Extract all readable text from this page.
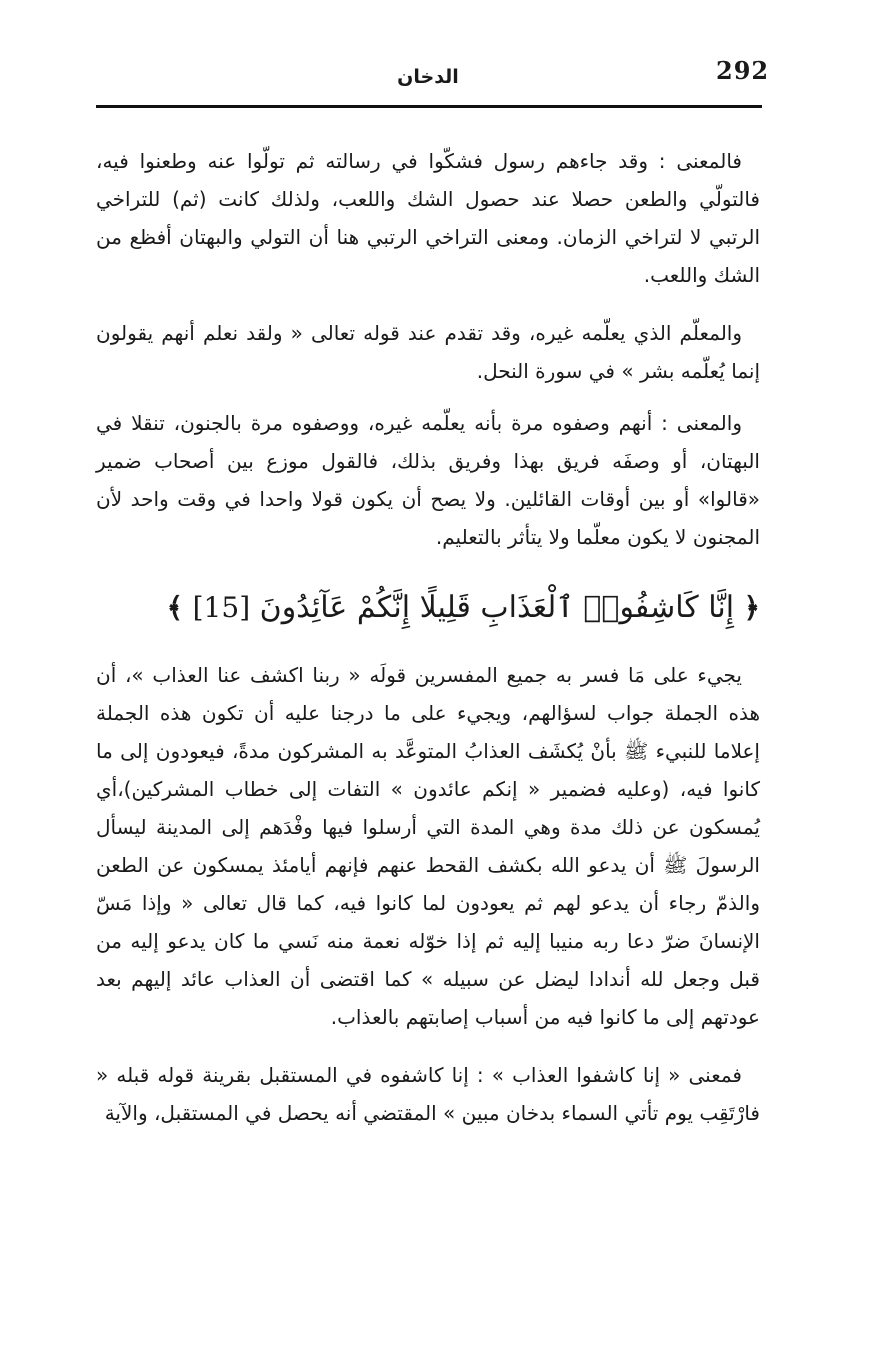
292
الدخان

فالمعنى : وقد جاءهم رسول فشكّوا في رسالته ثم تولّوا عنه وطعنوا فيه، فالتولّي والطعن حصلا عند حصول الشك واللعب، ولذلك كانت (ثم) للتراخي الرتبي لا لتراخي الزمان. ومعنى التراخي الرتبي هنا أن التولي والبهتان أفظع من الشك واللعب.

والمعلّم الذي يعلّمه غيره، وقد تقدم عند قوله تعالى « ولقد نعلم أنهم يقولون إنما يُعلّمه بشر » في سورة النحل.

والمعنى : أنهم وصفوه مرة بأنه يعلّمه غيره، ووصفوه مرة بالجنون، تنقلا في البهتان، أو وصفَه فريق بهذا وفريق بذلك، فالقول موزع بين أصحاب ضمير «قالوا» أو بين أوقات القائلين. ولا يصح أن يكون قولا واحدا في وقت واحد لأن المجنون لا يكون معلّما ولا يتأثر بالتعليم.

﴿ إِنَّا كَاشِفُوا۟ ٱلْعَذَابِ قَلِيلًا إِنَّكُمْ عَآئِدُونَ [15] ﴾

يجيء على مَا فسر به جميع المفسرين قولَه « ربنا اكشف عنا العذاب »، أن هذه الجملة جواب لسؤالهم، ويجيء على ما درجنا عليه أن تكون هذه الجملة إعلاما للنبيء ﷺ بأنْ يُكشَف العذابُ المتوعَّد به المشركون مدةً، فيعودون إلى ما كانوا فيه، (وعليه فضمير « إنكم عائدون » التفات إلى خطاب المشركين)،أي يُمسكون عن ذلك مدة وهي المدة التي أرسلوا فيها وفْدَهم إلى المدينة ليسأل الرسولَ ﷺ أن يدعو الله بكشف القحط عنهم فإنهم أيامئذ يمسكون عن الطعن والذمّ رجاء أن يدعو لهم ثم يعودون لما كانوا فيه، كما قال تعالى « وإذا مَسّ الإنسانَ ضرّ دعا ربه منيبا إليه ثم إذا خوّله نعمة منه نَسي ما كان يدعو إليه من قبل وجعل لله أندادا ليضل عن سبيله » كما اقتضى أن العذاب عائد إليهم بعد عودتهم إلى ما كانوا فيه من أسباب إصابتهم بالعذاب.

فمعنى « إنا كاشفوا العذاب » : إنا كاشفوه في المستقبل بقرينة قوله قبله « فارْتَقِب يوم تأتي السماء بدخان مبين » المقتضي أنه يحصل في المستقبل، والآية
